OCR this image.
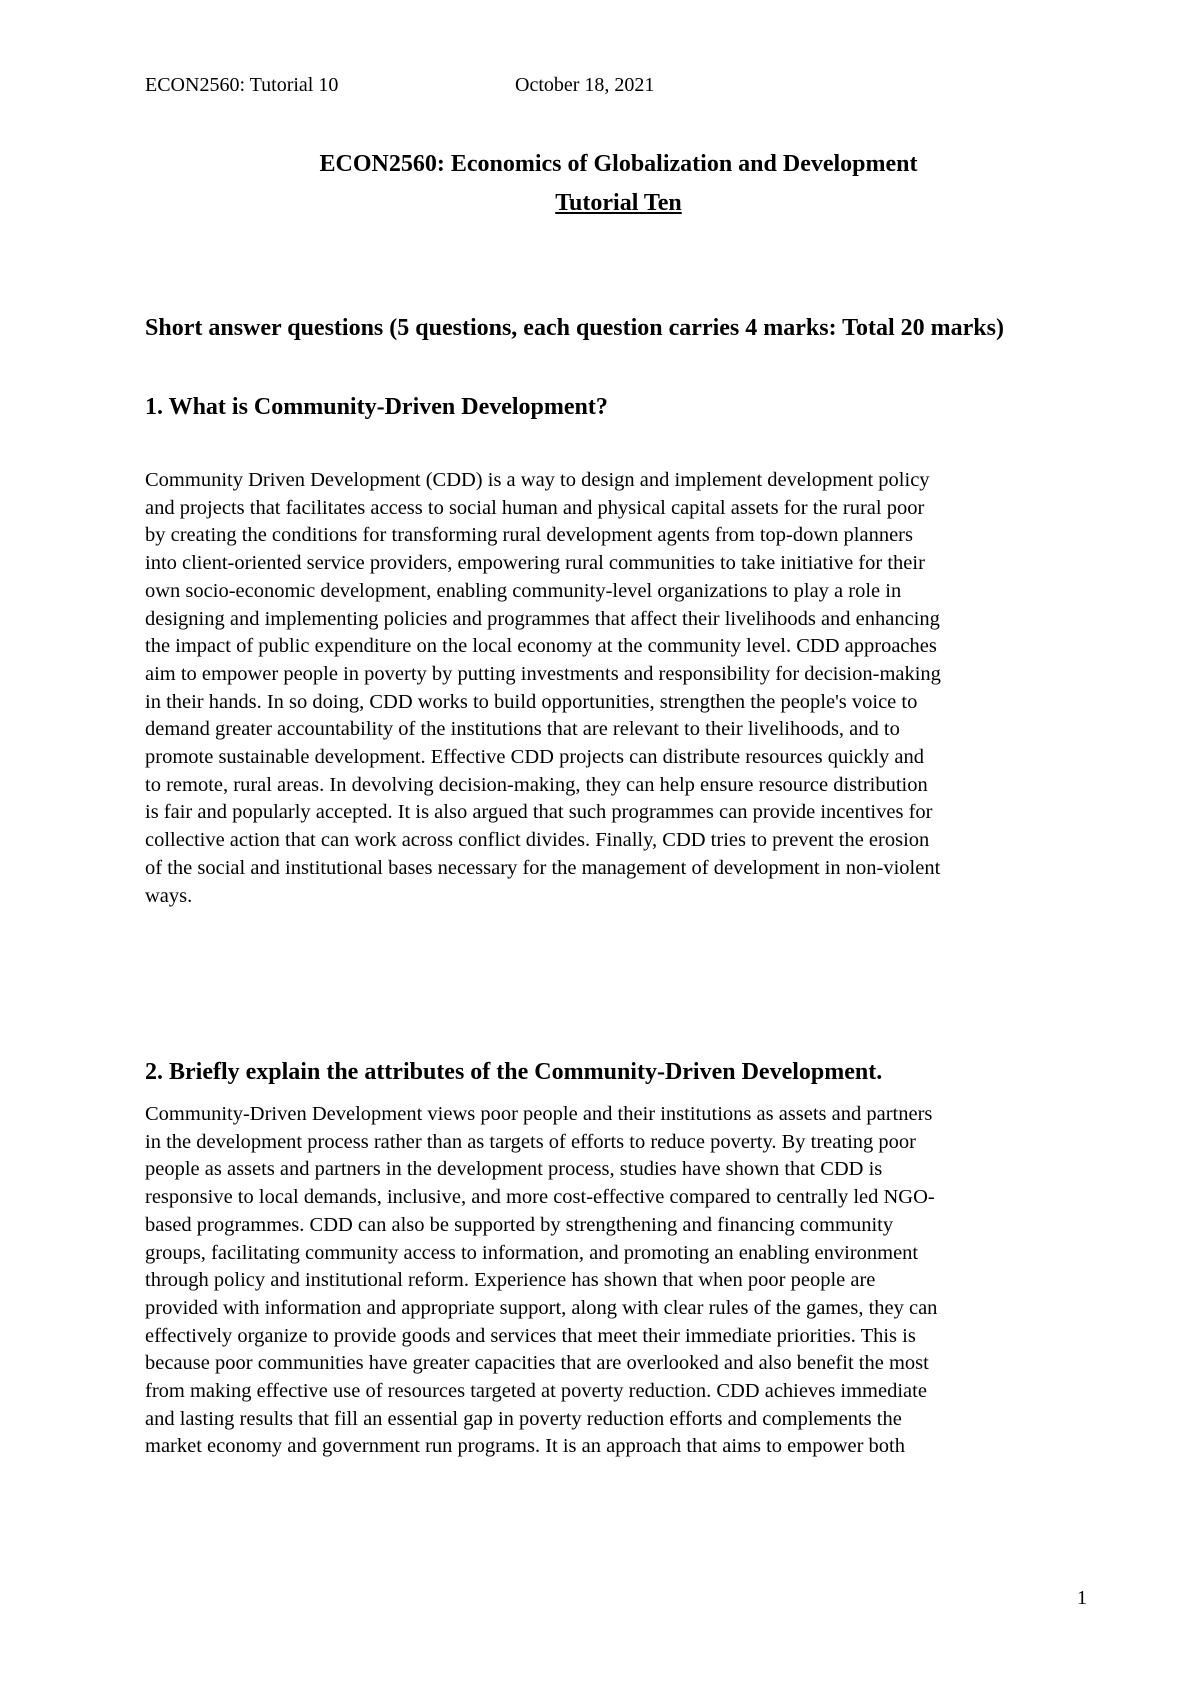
ECON2560: Tutorial 10	October 18, 2021
ECON2560: Economics of Globalization and Development
Tutorial Ten
Short answer questions (5 questions, each question carries 4 marks: Total 20 marks)
1. What is Community-Driven Development?
Community Driven Development (CDD) is a way to design and implement development policy
and projects that facilitates access to social human and physical capital assets for the rural poor
by creating the conditions for transforming rural development agents from top-down planners
into client-oriented service providers, empowering rural communities to take initiative for their
own socio-economic development, enabling community-level organizations to play a role in
designing and implementing policies and programmes that affect their livelihoods and enhancing
the impact of public expenditure on the local economy at the community level. CDD approaches
aim to empower people in poverty by putting investments and responsibility for decision-making
in their hands. In so doing, CDD works to build opportunities, strengthen the people's voice to
demand greater accountability of the institutions that are relevant to their livelihoods, and to
promote sustainable development. Effective CDD projects can distribute resources quickly and
to remote, rural areas. In devolving decision-making, they can help ensure resource distribution
is fair and popularly accepted. It is also argued that such programmes can provide incentives for
collective action that can work across conflict divides. Finally, CDD tries to prevent the erosion
of the social and institutional bases necessary for the management of development in non-violent
ways.
2. Briefly explain the attributes of the Community-Driven Development.
Community-Driven Development views poor people and their institutions as assets and partners
in the development process rather than as targets of efforts to reduce poverty. By treating poor
people as assets and partners in the development process, studies have shown that CDD is
responsive to local demands, inclusive, and more cost-effective compared to centrally led NGO-
based programmes. CDD can also be supported by strengthening and financing community
groups, facilitating community access to information, and promoting an enabling environment
through policy and institutional reform. Experience has shown that when poor people are
provided with information and appropriate support, along with clear rules of the games, they can
effectively organize to provide goods and services that meet their immediate priorities. This is
because poor communities have greater capacities that are overlooked and also benefit the most
from making effective use of resources targeted at poverty reduction. CDD achieves immediate
and lasting results that fill an essential gap in poverty reduction efforts and complements the
market economy and government run programs. It is an approach that aims to empower both
1
